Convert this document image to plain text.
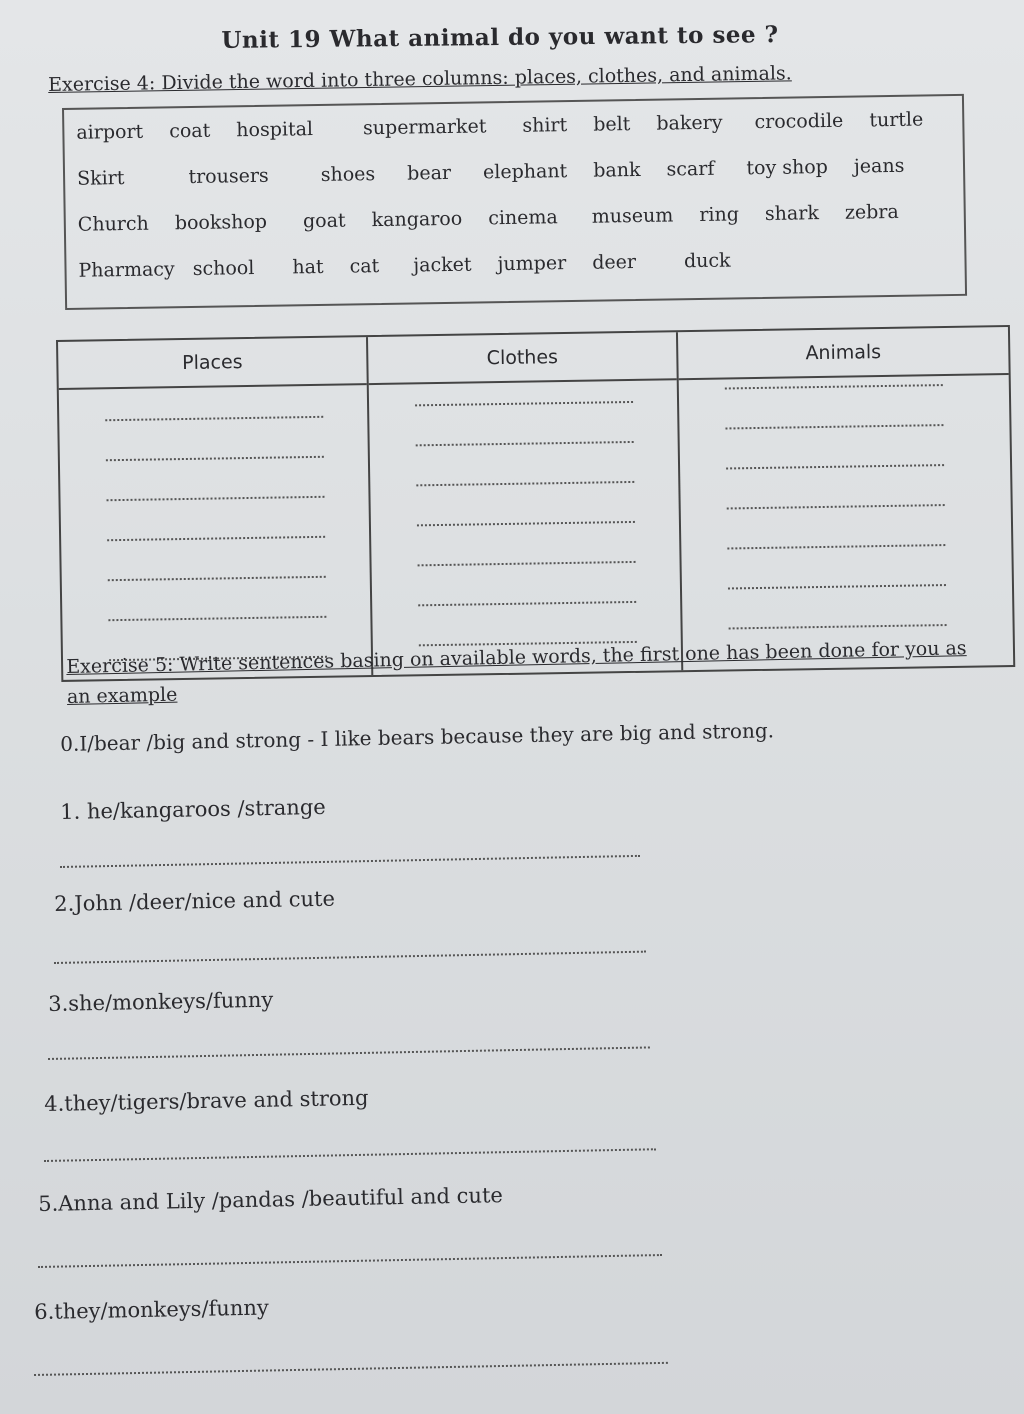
Unit 19 What animal do you want to see ?
Exercise 4: Divide the word into three columns: places, clothes, and animals.
airport coat hospital	supermarket shirt belt bakery crocodile turtle
Skirt	trousers	shoes bear elephant bank scarf toy shop jeans
Church bookshop goat kangaroo cinema museum ring shark zebra
Pharmacy school hat cat jacket jumper deer	duck
Places	Clothes	Animals
Exercise 5: Write sentences basing on available words, the first one has been done for you as an example
0.I/bear /big and strong - I like bears because they are big and strong.
1. he/kangaroos /strange
2.John /deer/nice and cute
3.she/monkeys/funny
4.they/tigers/brave and strong
5.Anna and Lily /pandas /beautiful and cute
6.they/monkeys/funny
